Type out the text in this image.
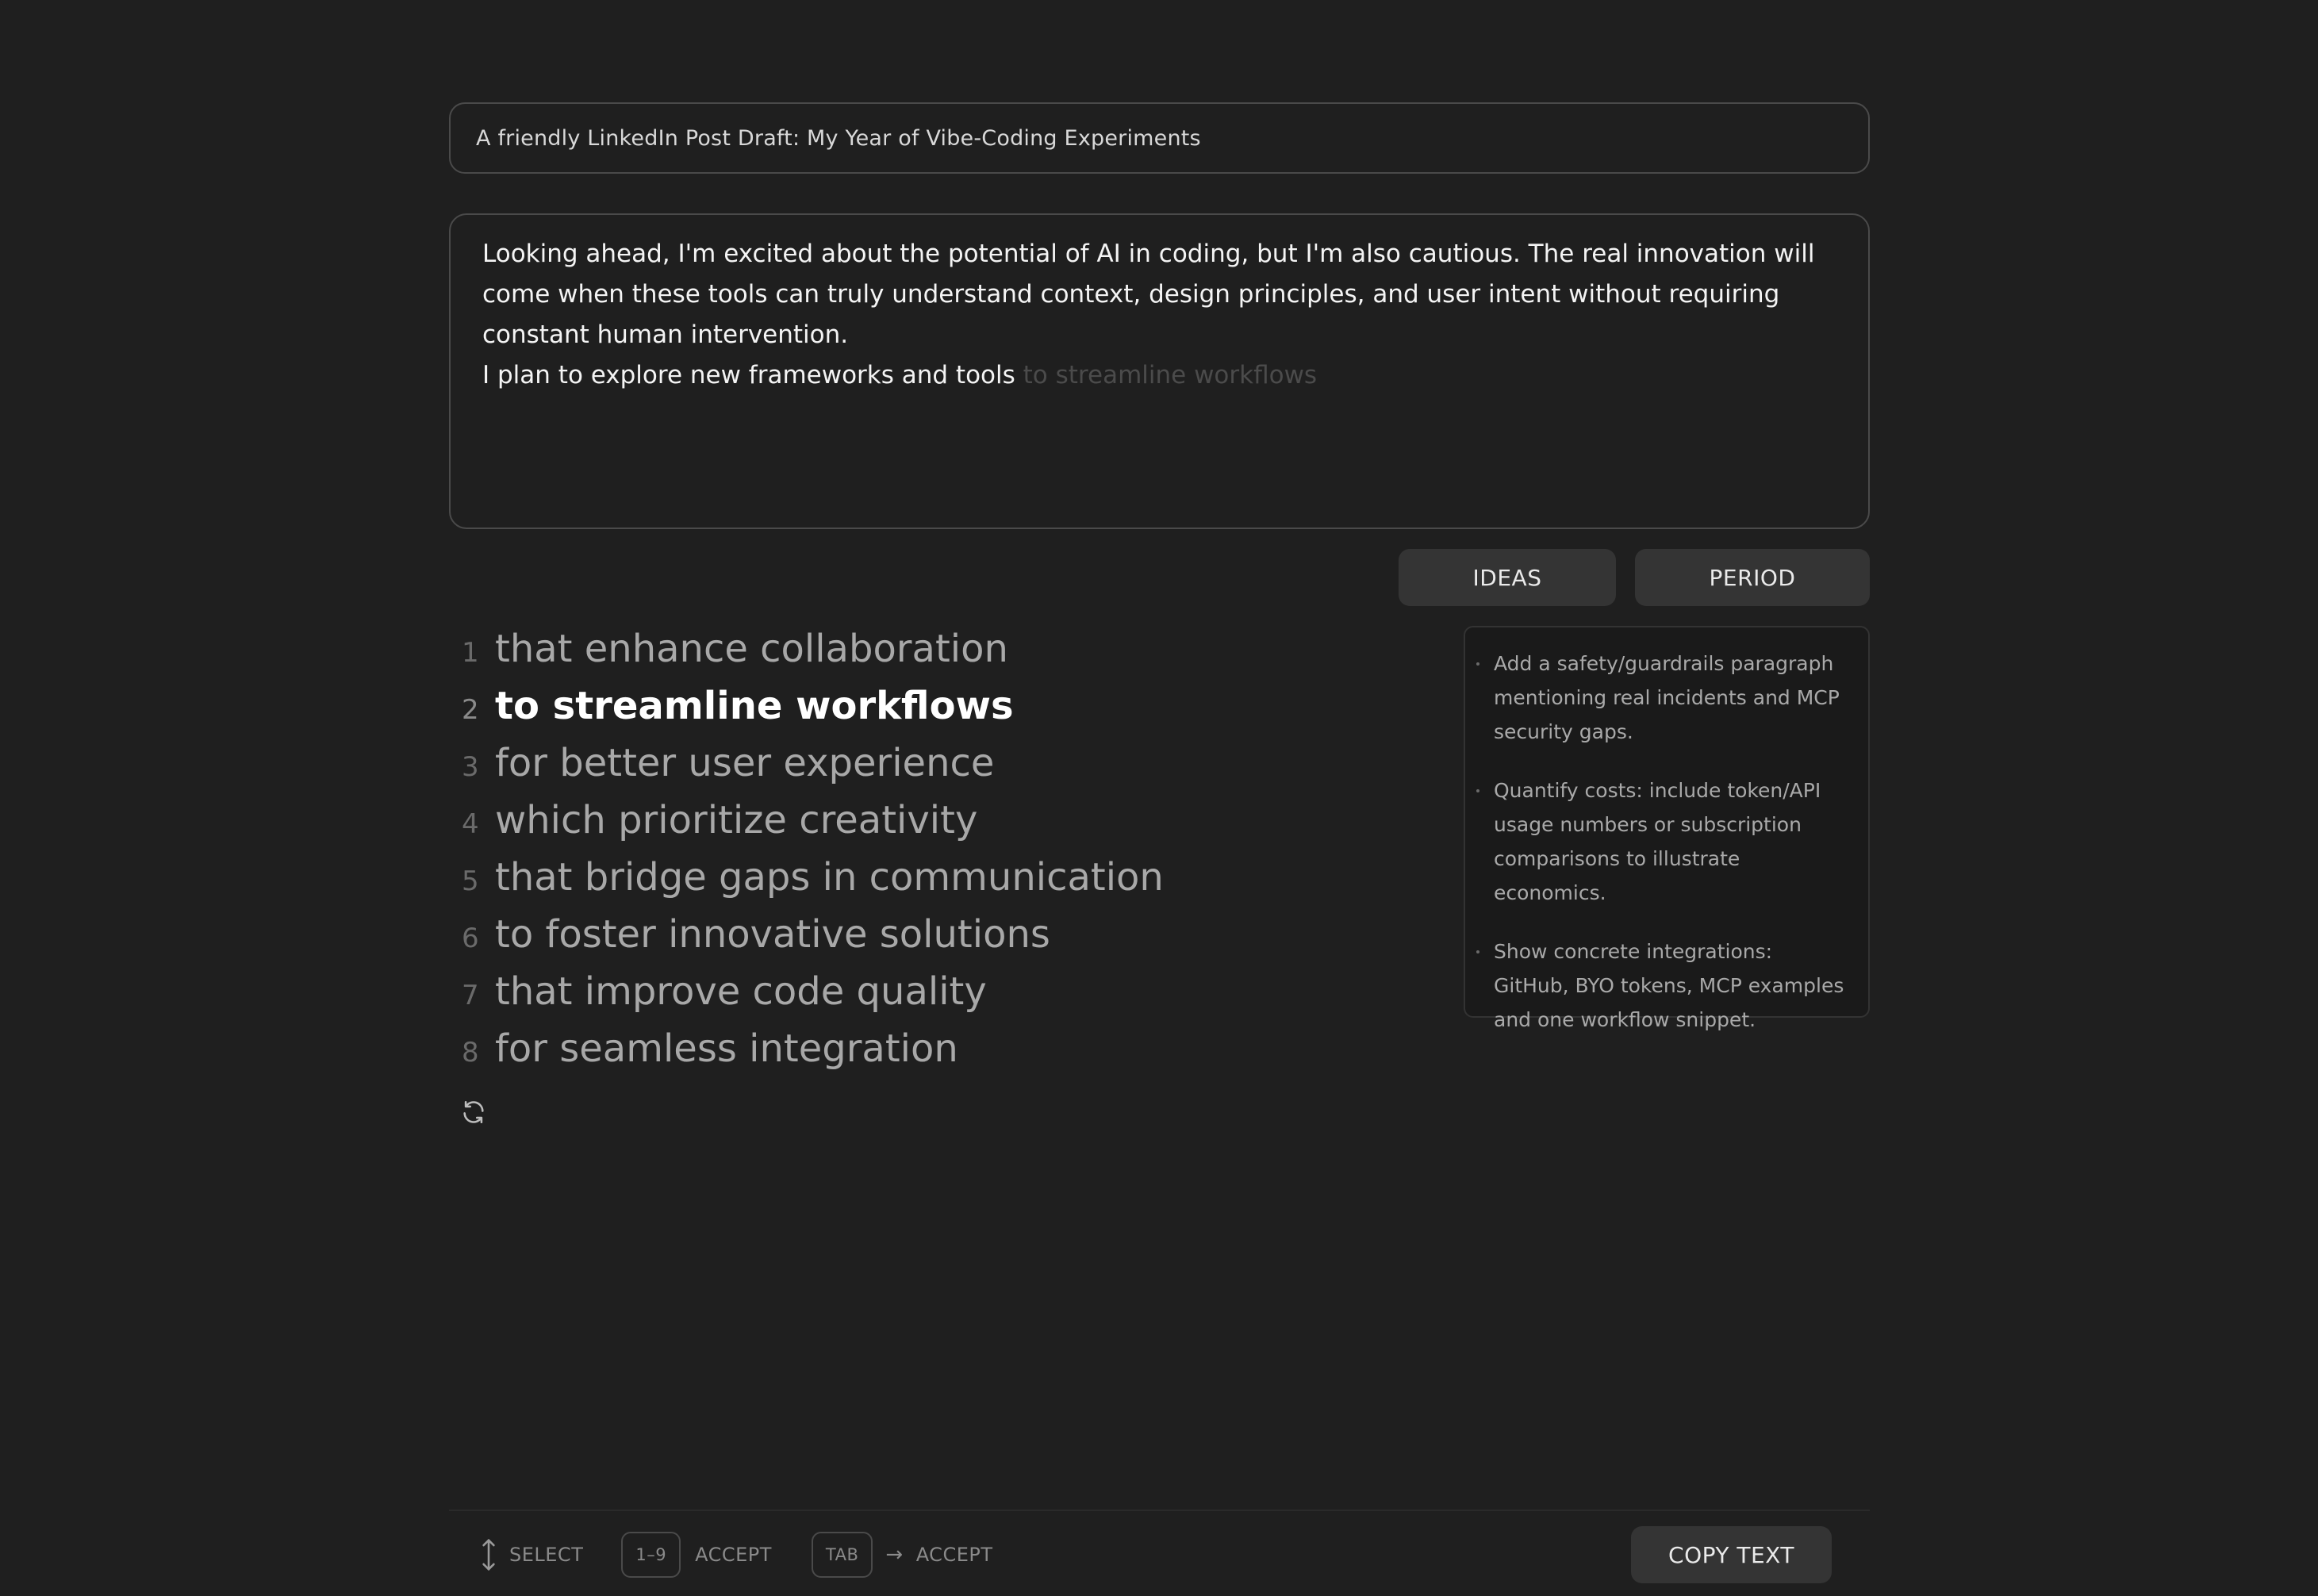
A friendly LinkedIn Post Draft: My Year of Vibe-Coding Experiments

Looking ahead, I'm excited about the potential of AI in coding, but I'm also cautious. The real innovation will come when these tools can truly understand context, design principles, and user intent without requiring constant human intervention.

I plan to explore new frameworks and tools to streamline workflows

IDEAS	PERIOD
1 that enhance collaboration
2 to streamline workflows
3 for better user experience
4 which prioritize creativity
5 that bridge gaps in communication
6 to foster innovative solutions
7 that improve code quality
8 for seamless integration
Add a safety/guardrails paragraph mentioning real incidents and MCP security gaps.
Quantify costs: include token/API usage numbers or subscription comparisons to illustrate economics.
Show concrete integrations: GitHub, BYO tokens, MCP examples and one workflow snippet.
SELECT	1–9	ACCEPT	TAB	→ ACCEPT	COPY TEXT
